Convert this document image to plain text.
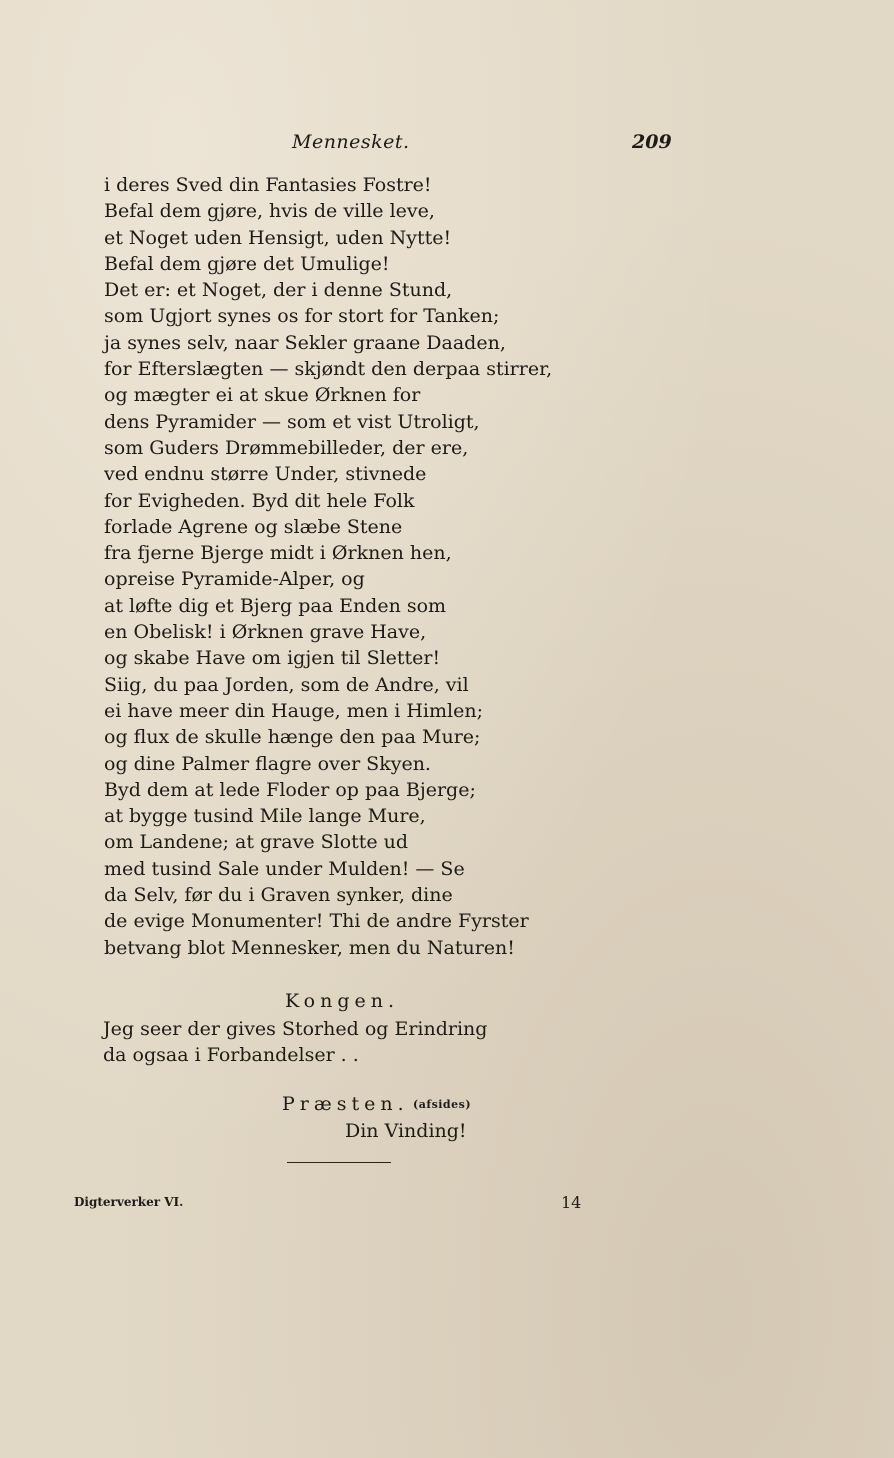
Mennesket.	209
i deres Sved din Fantasies Fostre!
Befal dem gjøre, hvis de ville leve,
et Noget uden Hensigt, uden Nytte!
Befal dem gjøre det Umulige!
Det er: et Noget, der i denne Stund,
som Ugjort synes os for stort for Tanken;
ja synes selv, naar Sekler graane Daaden,
for Efterslægten — skjøndt den derpaa stirrer,
og mægter ei at skue Ørknen for
dens Pyramider — som et vist Utroligt,
som Guders Drømmebilleder, der ere,
ved endnu større Under, stivnede
for Evigheden. Byd dit hele Folk
forlade Agrene og slæbe Stene
fra fjerne Bjerge midt i Ørknen hen,
opreise Pyramide-Alper, og
at løfte dig et Bjerg paa Enden som
en Obelisk! i Ørknen grave Have,
og skabe Have om igjen til Sletter!
Siig, du paa Jorden, som de Andre, vil
ei have meer din Hauge, men i Himlen;
og flux de skulle hænge den paa Mure;
og dine Palmer flagre over Skyen.
Byd dem at lede Floder op paa Bjerge;
at bygge tusind Mile lange Mure,
om Landene; at grave Slotte ud
med tusind Sale under Mulden! — Se
da Selv, før du i Graven synker, dine
de evige Monumenter! Thi de andre Fyrster
betvang blot Mennesker, men du Naturen!
Kongen.
Jeg seer der gives Storhed og Erindring
da ogsaa i Forbandelser . .
Præsten. (afsides)
Din Vinding!
Digterverker VI.	14
